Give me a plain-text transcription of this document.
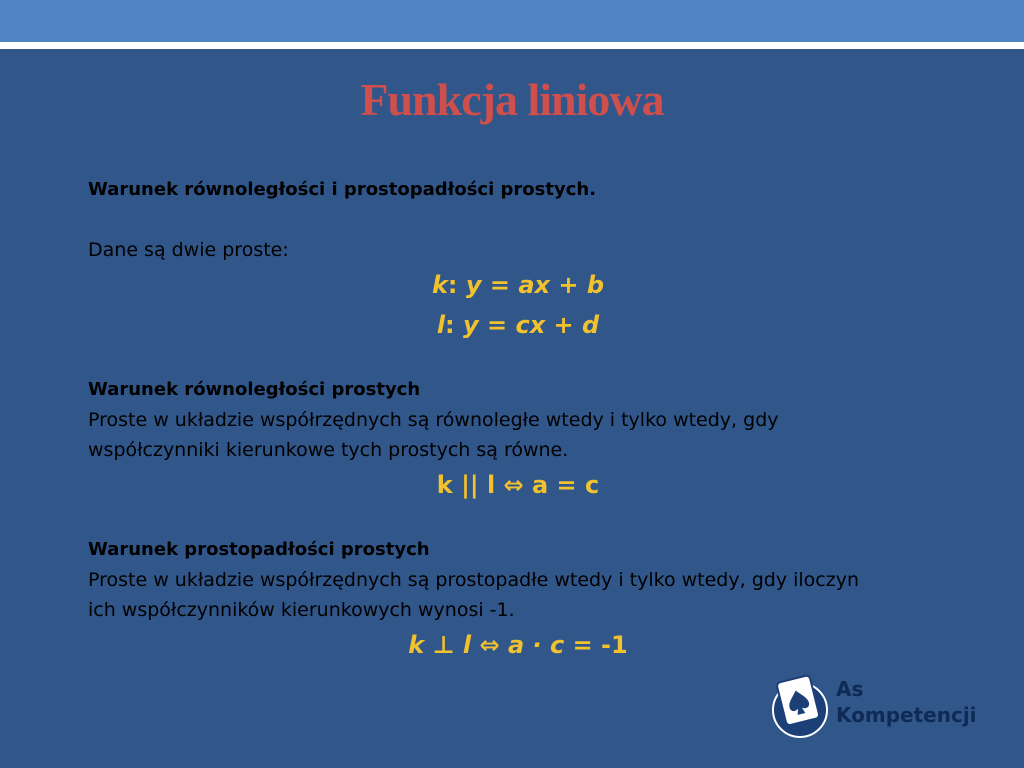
Funkcja liniowa

Warunek równoległości i prostopadłości prostych.

Dane są dwie proste:

k: y = ax + b

l: y = cx + d

Warunek równoległości prostych

Proste w układzie współrzędnych są równoległe wtedy i tylko wtedy, gdy

współczynniki kierunkowe tych prostych są równe.

k || l ⇔ a = c

Warunek prostopadłości prostych

Proste w układzie współrzędnych są prostopadłe wtedy i tylko wtedy, gdy iloczyn

ich współczynników kierunkowych wynosi -1.

k ⊥ l ⇔ a · c = -1

As
Kompetencji
